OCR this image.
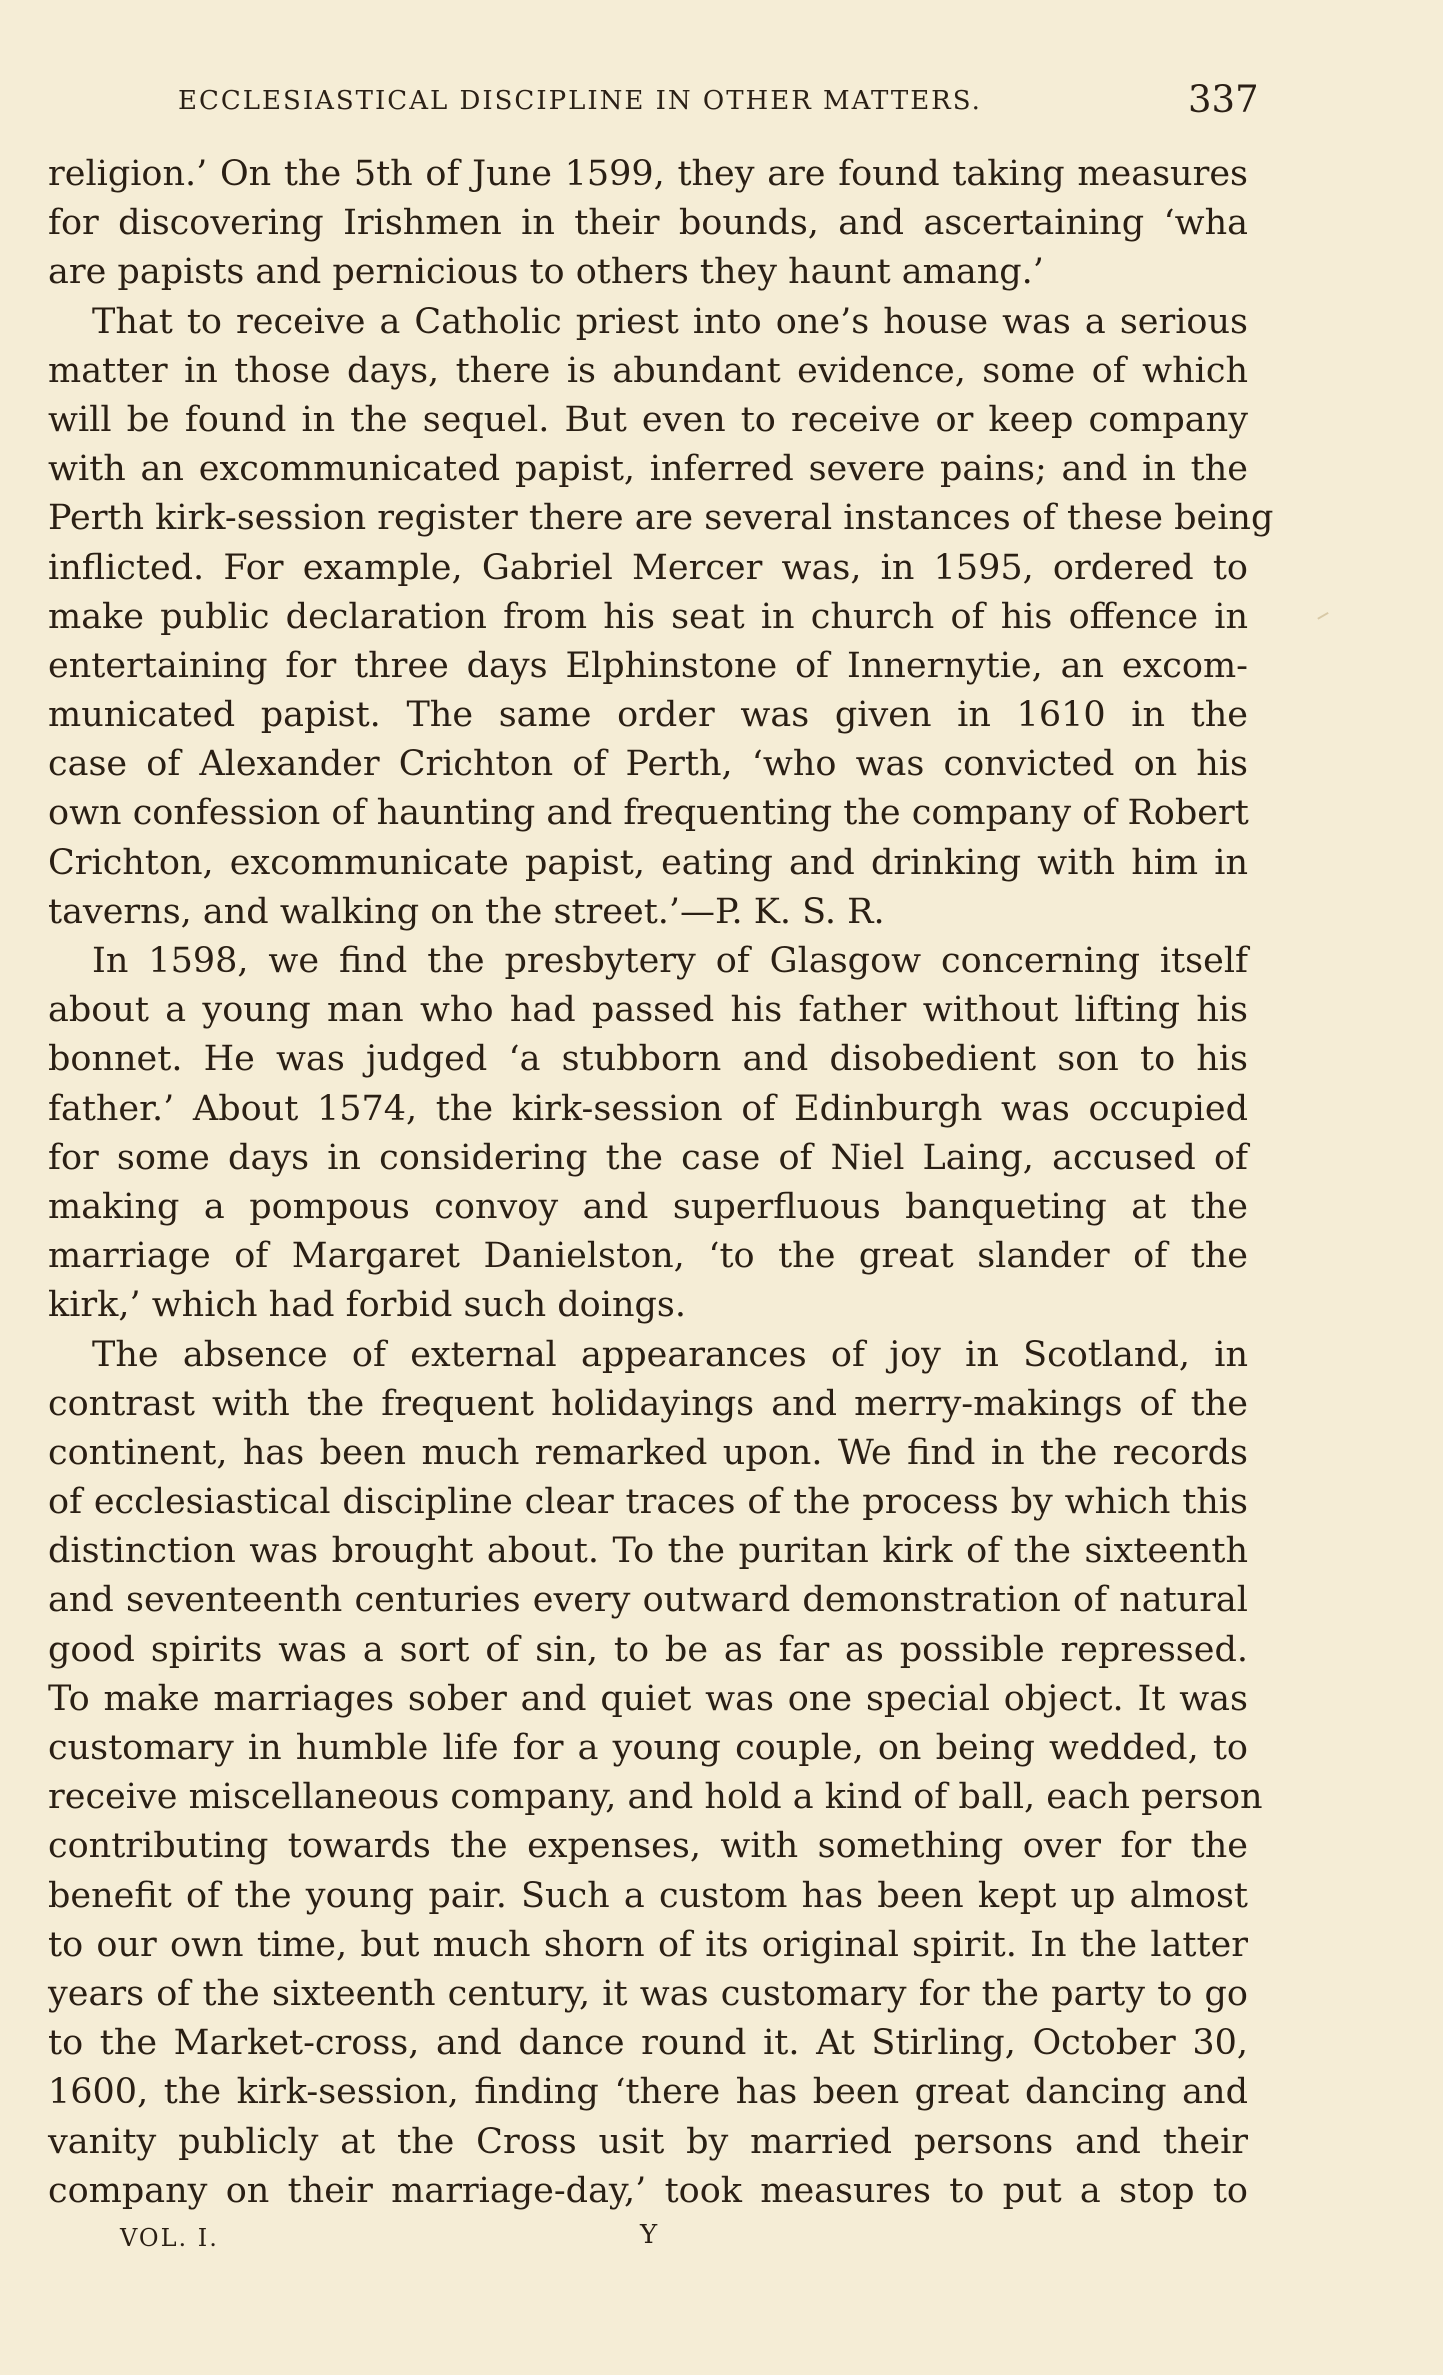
ECCLESIASTICAL DISCIPLINE IN OTHER MATTERS.	337
religion.’ On the 5th of June 1599, they are found taking measures
for discovering Irishmen in their bounds, and ascertaining ‘wha
are papists and pernicious to others they haunt amang.’
That to receive a Catholic priest into one’s house was a serious
matter in those days, there is abundant evidence, some of which
will be found in the sequel. But even to receive or keep company
with an excommunicated papist, inferred severe pains; and in the
Perth kirk-session register there are several instances of these being
inflicted. For example, Gabriel Mercer was, in 1595, ordered to
make public declaration from his seat in church of his offence in
entertaining for three days Elphinstone of Innernytie, an excom-
municated papist. The same order was given in 1610 in the
case of Alexander Crichton of Perth, ‘who was convicted on his
own confession of haunting and frequenting the company of Robert
Crichton, excommunicate papist, eating and drinking with him in
taverns, and walking on the street.’—P. K. S. R.
In 1598, we find the presbytery of Glasgow concerning itself
about a young man who had passed his father without lifting his
bonnet. He was judged ‘a stubborn and disobedient son to his
father.’ About 1574, the kirk-session of Edinburgh was occupied
for some days in considering the case of Niel Laing, accused of
making a pompous convoy and superfluous banqueting at the
marriage of Margaret Danielston, ‘to the great slander of the
kirk,’ which had forbid such doings.
The absence of external appearances of joy in Scotland, in
contrast with the frequent holidayings and merry-makings of the
continent, has been much remarked upon. We find in the records
of ecclesiastical discipline clear traces of the process by which this
distinction was brought about. To the puritan kirk of the sixteenth
and seventeenth centuries every outward demonstration of natural
good spirits was a sort of sin, to be as far as possible repressed.
To make marriages sober and quiet was one special object. It was
customary in humble life for a young couple, on being wedded, to
receive miscellaneous company, and hold a kind of ball, each person
contributing towards the expenses, with something over for the
benefit of the young pair. Such a custom has been kept up almost
to our own time, but much shorn of its original spirit. In the latter
years of the sixteenth century, it was customary for the party to go
to the Market-cross, and dance round it. At Stirling, October 30,
1600, the kirk-session, finding ‘there has been great dancing and
vanity publicly at the Cross usit by married persons and their
company on their marriage-day,’ took measures to put a stop to
VOL. I.	Y
